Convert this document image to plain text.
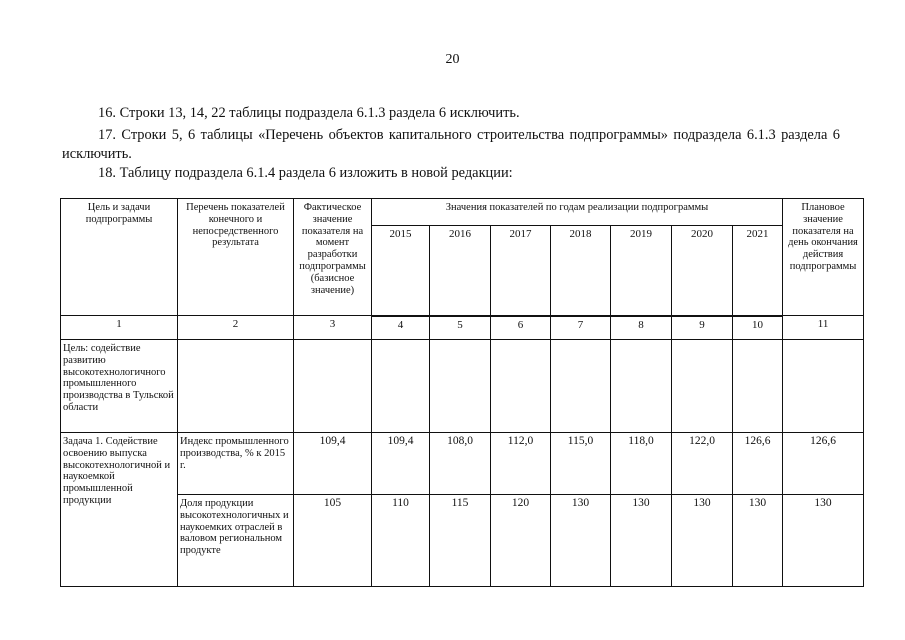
20
16. Строки 13, 14, 22 таблицы подраздела 6.1.3 раздела 6 исключить.
17. Строки 5, 6 таблицы «Перечень объектов капитального строительства подпрограммы» подраздела 6.1.3 раздела 6 исключить.
18. Таблицу подраздела 6.1.4 раздела 6 изложить в новой редакции:
Цель и задачи подпрограммы	Перечень показателей конечного и непосредственного результата	Фактическое значение показателя на момент разработки подпрограммы (базисное значение)	Значения показателей по годам реализации подпрограммы							Плановое значение показателя на день окончания действия подпрограммы
			2015	2016	2017	2018	2019	2020	2021	
1	2	3	4	5	6	7	8	9	10	11
Цель: содействие развитию высокотехнологичного промышленного производства в Тульской области										
Задача 1. Содействие освоению выпуска высокотехнологичной и наукоемкой промышленной продукции	Индекс промышленного производства, % к 2015 г.	109,4	109,4	108,0	112,0	115,0	118,0	122,0	126,6	126,6
	Доля продукции высокотехнологичных и наукоемких отраслей в валовом региональном продукте	105	110	115	120	130	130	130	130	130
